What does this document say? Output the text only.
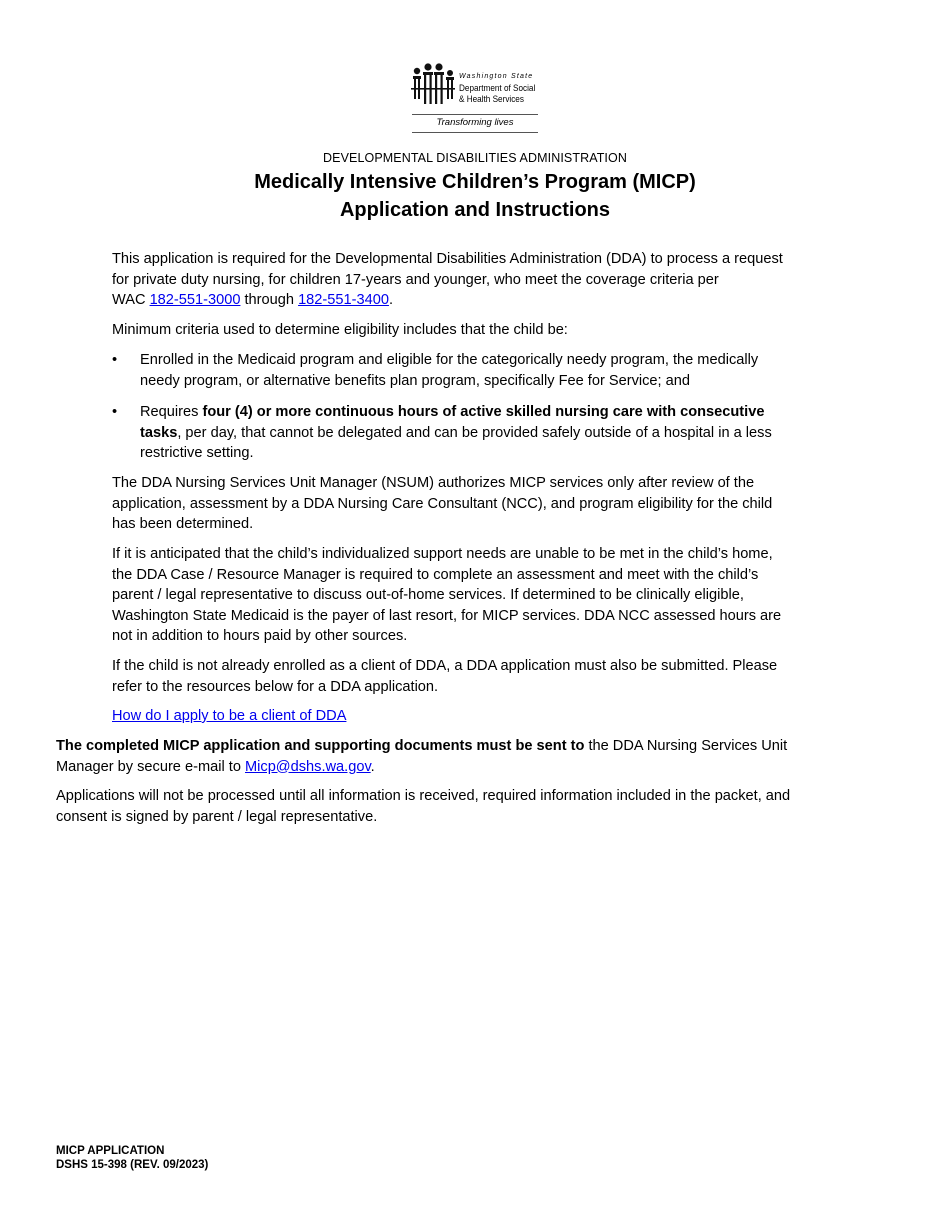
Washington State
Department of Social
& Health Services
Transforming lives
DEVELOPMENTAL DISABILITIES ADMINISTRATION
Medically Intensive Children’s Program (MICP)
Application and Instructions
This application is required for the Developmental Disabilities Administration (DDA) to process a request
for private duty nursing, for children 17-years and younger, who meet the coverage criteria per
WAC 182-551-3000 through 182-551-3400.
Minimum criteria used to determine eligibility includes that the child be:
• Enrolled in the Medicaid program and eligible for the categorically needy program, the medically
needy program, or alternative benefits plan program, specifically Fee for Service; and
• Requires four (4) or more continuous hours of active skilled nursing care with consecutive
tasks, per day, that cannot be delegated and can be provided safely outside of a hospital in a less
restrictive setting.
The DDA Nursing Services Unit Manager (NSUM) authorizes MICP services only after review of the
application, assessment by a DDA Nursing Care Consultant (NCC), and program eligibility for the child
has been determined.
If it is anticipated that the child’s individualized support needs are unable to be met in the child’s home,
the DDA Case / Resource Manager is required to complete an assessment and meet with the child’s
parent / legal representative to discuss out-of-home services. If determined to be clinically eligible,
Washington State Medicaid is the payer of last resort, for MICP services. DDA NCC assessed hours are
not in addition to hours paid by other sources.
If the child is not already enrolled as a client of DDA, a DDA application must also be submitted. Please
refer to the resources below for a DDA application.
How do I apply to be a client of DDA
The completed MICP application and supporting documents must be sent to the DDA Nursing Services Unit
Manager by secure e-mail to Micp@dshs.wa.gov.
Applications will not be processed until all information is received, required information included in the packet, and
consent is signed by parent / legal representative.
MICP APPLICATION
DSHS 15-398 (REV. 09/2023)
